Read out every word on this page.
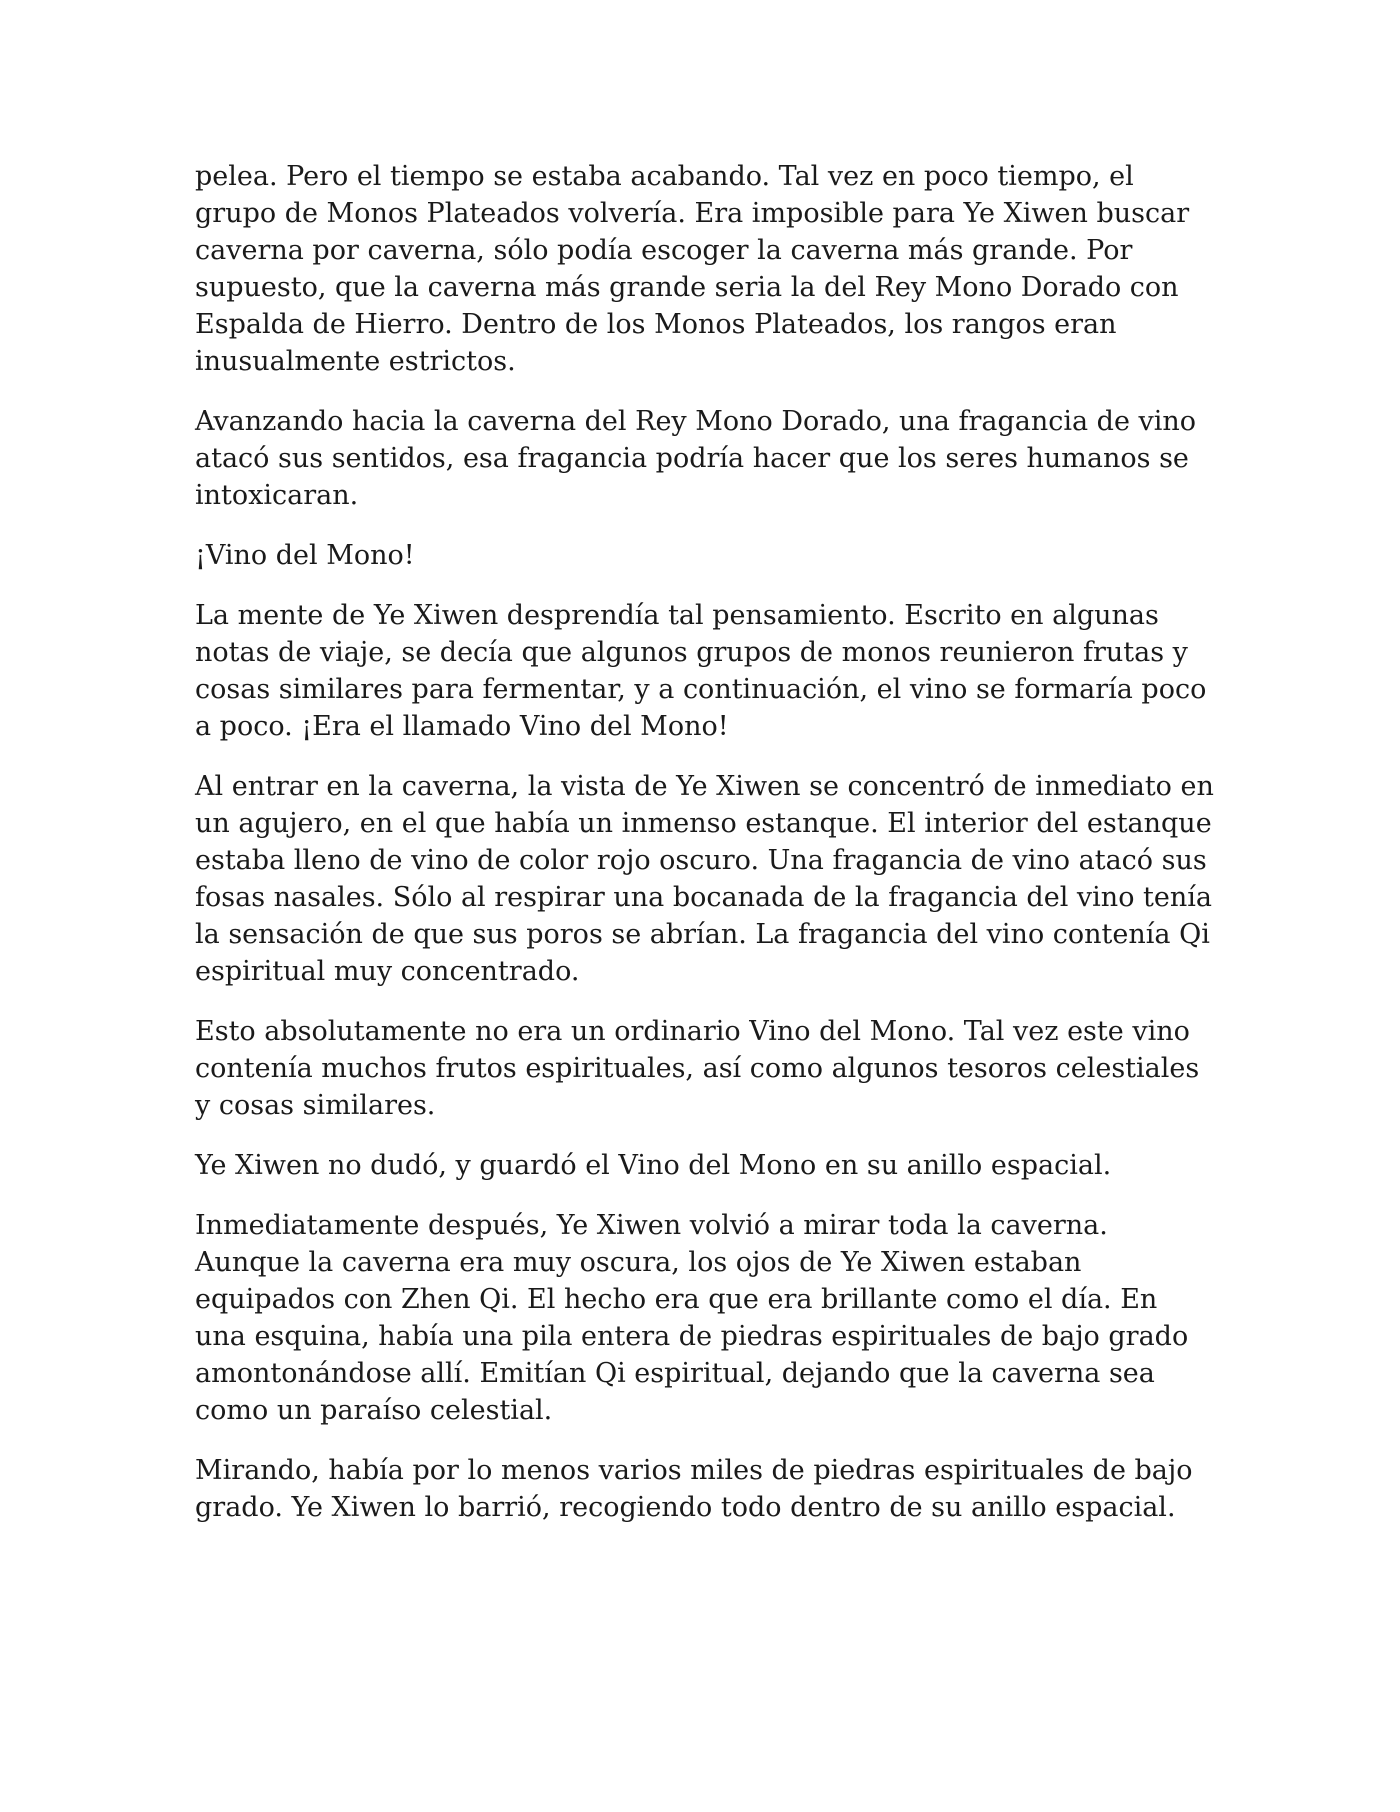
pelea. Pero el tiempo se estaba acabando. Tal vez en poco tiempo, el grupo de Monos Plateados volvería. Era imposible para Ye Xiwen buscar caverna por caverna, sólo podía escoger la caverna más grande. Por supuesto, que la caverna más grande seria la del Rey Mono Dorado con Espalda de Hierro. Dentro de los Monos Plateados, los rangos eran inusualmente estrictos.

Avanzando hacia la caverna del Rey Mono Dorado, una fragancia de vino atacó sus sentidos, esa fragancia podría hacer que los seres humanos se intoxicaran.

¡Vino del Mono!

La mente de Ye Xiwen desprendía tal pensamiento. Escrito en algunas notas de viaje, se decía que algunos grupos de monos reunieron frutas y cosas similares para fermentar, y a continuación, el vino se formaría poco a poco. ¡Era el llamado Vino del Mono!

Al entrar en la caverna, la vista de Ye Xiwen se concentró de inmediato en un agujero, en el que había un inmenso estanque. El interior del estanque estaba lleno de vino de color rojo oscuro. Una fragancia de vino atacó sus fosas nasales. Sólo al respirar una bocanada de la fragancia del vino tenía la sensación de que sus poros se abrían. La fragancia del vino contenía Qi espiritual muy concentrado.

Esto absolutamente no era un ordinario Vino del Mono. Tal vez este vino contenía muchos frutos espirituales, así como algunos tesoros celestiales y cosas similares.

Ye Xiwen no dudó, y guardó el Vino del Mono en su anillo espacial.

Inmediatamente después, Ye Xiwen volvió a mirar toda la caverna. Aunque la caverna era muy oscura, los ojos de Ye Xiwen estaban equipados con Zhen Qi. El hecho era que era brillante como el día. En una esquina, había una pila entera de piedras espirituales de bajo grado amontonándose allí. Emitían Qi espiritual, dejando que la caverna sea como un paraíso celestial.

Mirando, había por lo menos varios miles de piedras espirituales de bajo grado. Ye Xiwen lo barrió, recogiendo todo dentro de su anillo espacial.
